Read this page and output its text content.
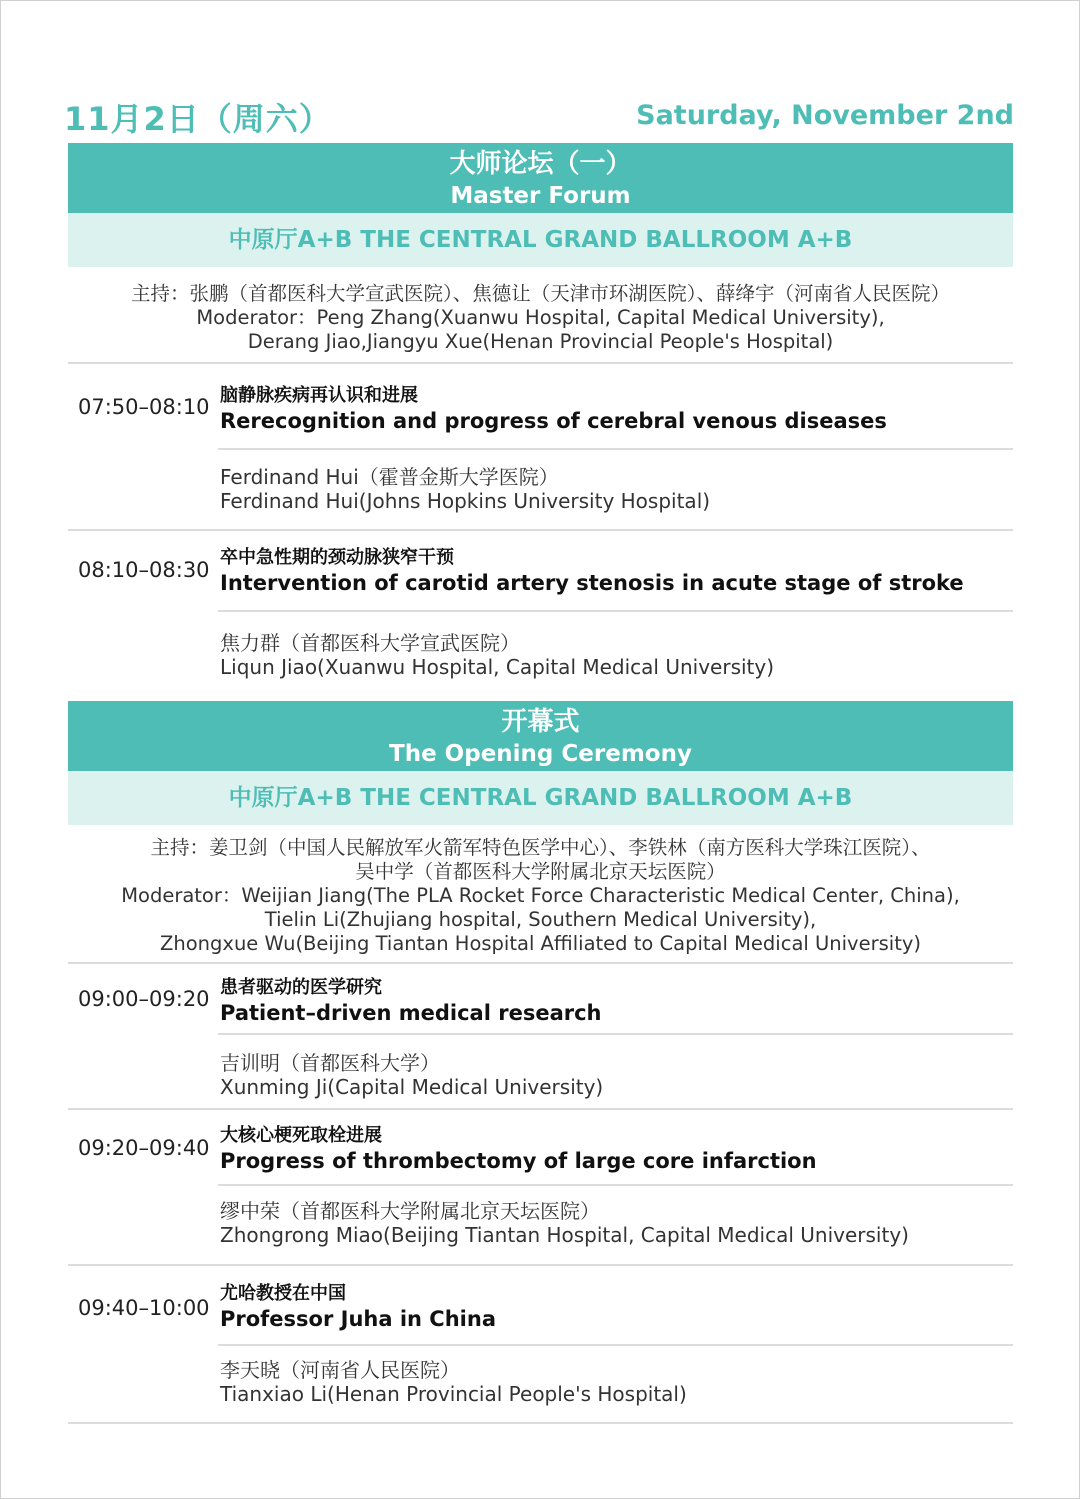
11月2日（周六）	Saturday, November 2nd
大师论坛（一）
Master Forum
中原厅A+B THE CENTRAL GRAND BALLROOM A+B
主持：张鹏（首都医科大学宣武医院）、焦德让（天津市环湖医院）、薛绛宇（河南省人民医院）
Moderator：Peng Zhang(Xuanwu Hospital, Capital Medical University),
Derang Jiao,Jiangyu Xue(Henan Provincial People's Hospital)
07:50–08:10 脑静脉疾病再认识和进展
Rerecognition and progress of cerebral venous diseases
Ferdinand Hui（霍普金斯大学医院）
Ferdinand Hui(Johns Hopkins University Hospital)
08:10–08:30
卒中急性期的颈动脉狭窄干预
Intervention of carotid artery stenosis in acute stage of stroke
焦力群（首都医科大学宣武医院）
Liqun Jiao(Xuanwu Hospital, Capital Medical University)
开幕式
The Opening Ceremony
中原厅A+B THE CENTRAL GRAND BALLROOM A+B
主持：姜卫剑（中国人民解放军火箭军特色医学中心）、李铁林（南方医科大学珠江医院）、
吴中学（首都医科大学附属北京天坛医院）
Moderator：Weijian Jiang(The PLA Rocket Force Characteristic Medical Center, China),
Tielin Li(Zhujiang hospital, Southern Medical University),
Zhongxue Wu(Beijing Tiantan Hospital Affiliated to Capital Medical University)
09:00–09:20 患者驱动的医学研究
Patient–driven medical research
吉训明（首都医科大学）
Xunming Ji(Capital Medical University)
09:20–09:40
大核心梗死取栓进展
Progress of thrombectomy of large core infarction
缪中荣（首都医科大学附属北京天坛医院）
Zhongrong Miao(Beijing Tiantan Hospital, Capital Medical University)
09:40–10:00
尤哈教授在中国
Professor Juha in China
李天晓（河南省人民医院）
Tianxiao Li(Henan Provincial People's Hospital)
